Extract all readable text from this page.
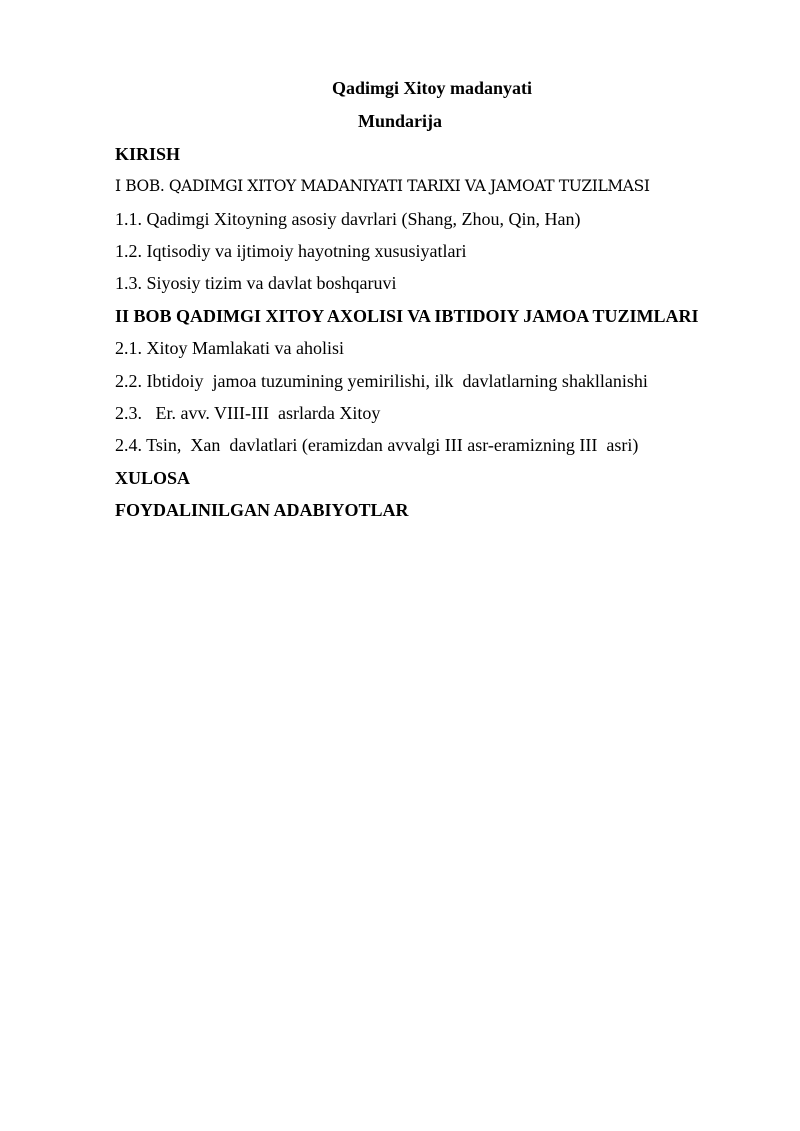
Qadimgi Xitoy madanyati
Mundarija
KIRISH
I BOB. QADIMGI XITOY MADANIYATI TARIXI VA JAMOAT TUZILMASI
1.1. Qadimgi Xitoyning asosiy davrlari (Shang, Zhou, Qin, Han)
1.2. Iqtisodiy va ijtimoiy hayotning xususiyatlari
1.3. Siyosiy tizim va davlat boshqaruvi
II BOB QADIMGI XITOY AXOLISI VA IBTIDOIY JAMOA TUZIMLARI
2.1. Xitoy Mamlakati va aholisi
2.2. Ibtidoiy  jamoa tuzumining yemirilishi, ilk  davlatlarning shakllanishi
2.3.   Er. avv. VIII-III  asrlarda Xitoy
2.4. Tsin,  Xan  davlatlari (eramizdan avvalgi III asr-eramizning III  asri)
XULOSA
FOYDALINILGAN ADABIYOTLAR
